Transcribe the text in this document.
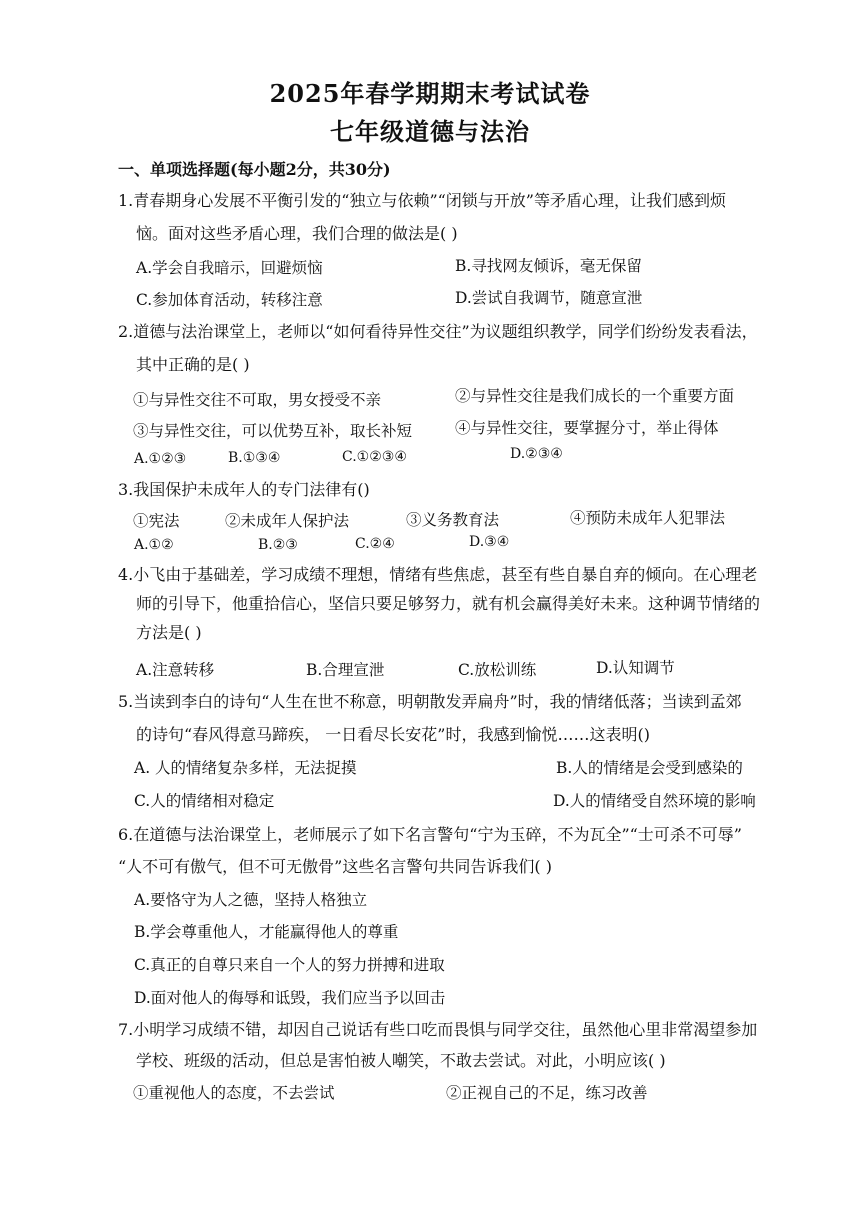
2025年春学期期末考试试卷
七年级道德与法治
一、单项选择题(每小题2分，共30分)
1.青春期身心发展不平衡引发的“独立与依赖”“闭锁与开放”等矛盾心理，让我们感到烦
恼。面对这些矛盾心理，我们合理的做法是( )
A.学会自我暗示，回避烦恼	B.寻找网友倾诉，毫无保留
C.参加体育活动，转移注意	D.尝试自我调节，随意宣泄
2.道德与法治课堂上，老师以“如何看待异性交往”为议题组织教学，同学们纷纷发表看法，
其中正确的是( )
①与异性交往不可取，男女授受不亲	②与异性交往是我们成长的一个重要方面
③与异性交往，可以优势互补，取长补短	④与异性交往，要掌握分寸，举止得体
A.①②③	B.①③④	C.①②③④	D.②③④
3.我国保护未成年人的专门法律有()
①宪法	②未成年人保护法	③义务教育法	④预防未成年人犯罪法
A.①②	B.②③	C.②④	D.③④
4.小飞由于基础差，学习成绩不理想，情绪有些焦虑，甚至有些自暴自弃的倾向。在心理老
师的引导下，他重拾信心，坚信只要足够努力，就有机会赢得美好未来。这种调节情绪的
方法是( )
A.注意转移	B.合理宣泄	C.放松训练	D.认知调节
5.当读到李白的诗句“人生在世不称意，明朝散发弄扁舟”时，我的情绪低落；当读到孟郊
的诗句“春风得意马蹄疾， 一日看尽长安花”时，我感到愉悦……这表明()
A. 人的情绪复杂多样，无法捉摸	B.人的情绪是会受到感染的
C.人的情绪相对稳定	D.人的情绪受自然环境的影响
6.在道德与法治课堂上，老师展示了如下名言警句“宁为玉碎，不为瓦全”“士可杀不可辱”
“人不可有傲气，但不可无傲骨”这些名言警句共同告诉我们( )
A.要恪守为人之德，坚持人格独立
B.学会尊重他人，才能赢得他人的尊重
C.真正的自尊只来自一个人的努力拼搏和进取
D.面对他人的侮辱和诋毁，我们应当予以回击
7.小明学习成绩不错，却因自己说话有些口吃而畏惧与同学交往，虽然他心里非常渴望参加
学校、班级的活动，但总是害怕被人嘲笑，不敢去尝试。对此，小明应该( )
①重视他人的态度，不去尝试	②正视自己的不足，练习改善
